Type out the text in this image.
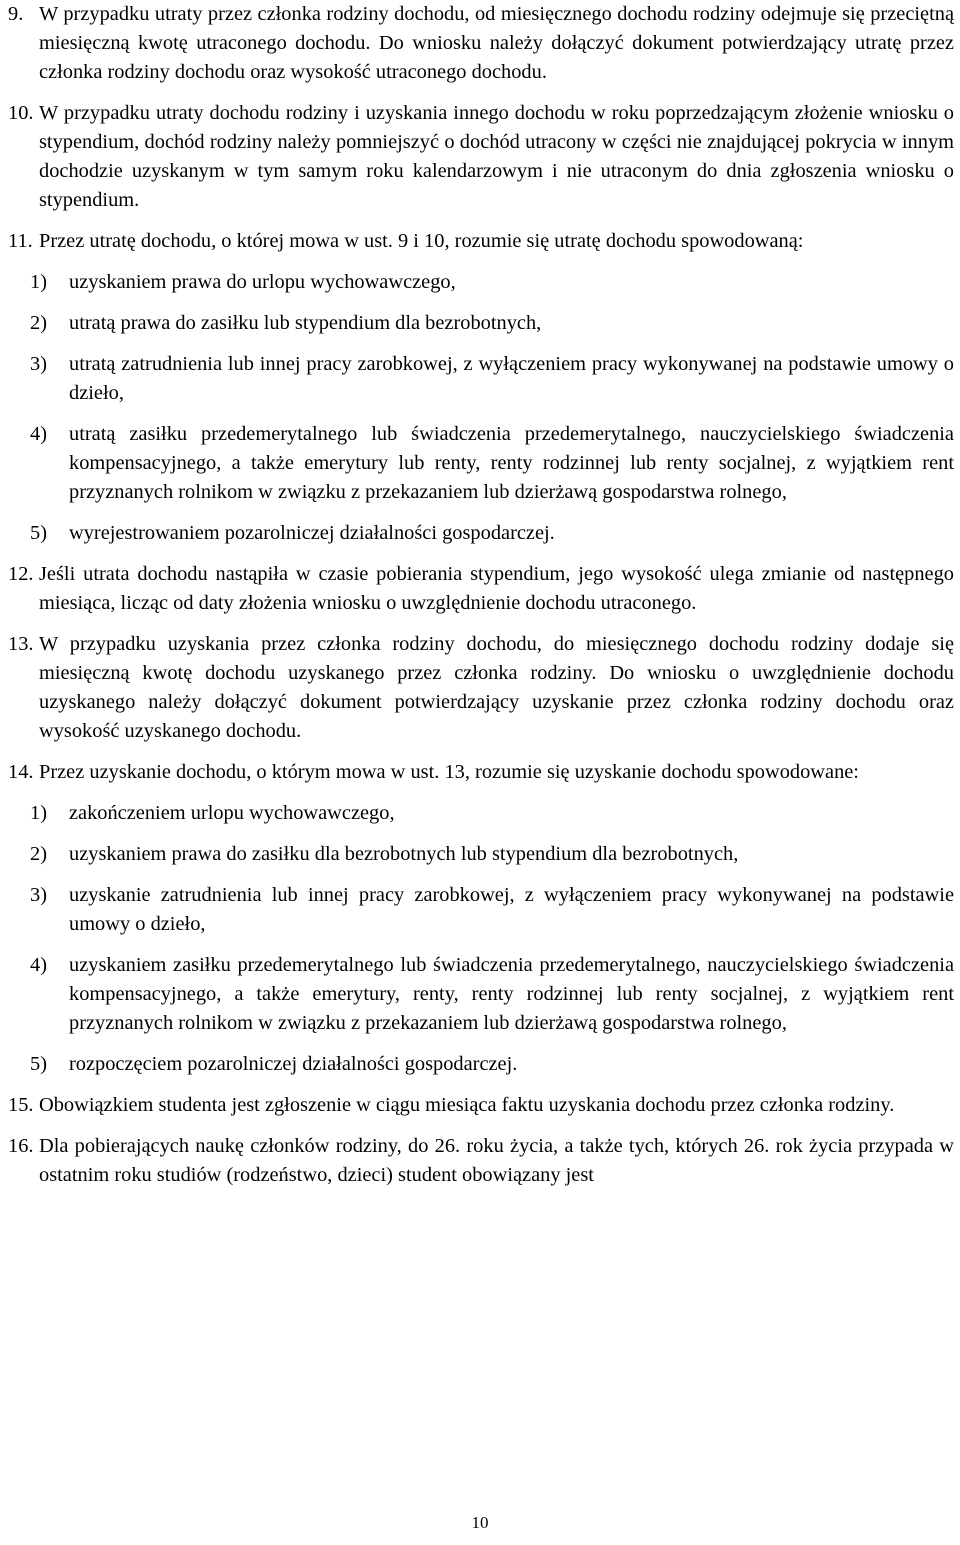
9. W przypadku utraty przez członka rodziny dochodu, od miesięcznego dochodu rodziny odejmuje się przeciętną miesięczną kwotę utraconego dochodu. Do wniosku należy dołączyć dokument potwierdzający utratę przez członka rodziny dochodu oraz wysokość utraconego dochodu.
10. W przypadku utraty dochodu rodziny i uzyskania innego dochodu w roku poprzedzającym złożenie wniosku o stypendium, dochód rodziny należy pomniejszyć o dochód utracony w części nie znajdującej pokrycia w innym dochodzie uzyskanym w tym samym roku kalendarzowym i nie utraconym do dnia zgłoszenia wniosku o stypendium.
11. Przez utratę dochodu, o której mowa w ust. 9 i 10, rozumie się utratę dochodu spowodowaną:
1)	uzyskaniem prawa do urlopu wychowawczego,
2)	utratą prawa do zasiłku lub stypendium dla bezrobotnych,
3)	utratą zatrudnienia lub innej pracy zarobkowej, z wyłączeniem pracy wykonywanej na podstawie umowy o dzieło,
4)	utratą zasiłku przedemerytalnego lub świadczenia przedemerytalnego, nauczycielskiego świadczenia kompensacyjnego, a także emerytury lub renty, renty rodzinnej lub renty socjalnej, z wyjątkiem rent przyznanych rolnikom w związku z przekazaniem lub dzierżawą gospodarstwa rolnego,
5)	wyrejestrowaniem pozarolniczej działalności gospodarczej.
12. Jeśli utrata dochodu nastąpiła w czasie pobierania stypendium, jego wysokość ulega zmianie od następnego miesiąca, licząc od daty złożenia wniosku o uwzględnienie dochodu utraconego.
13. W przypadku uzyskania przez członka rodziny dochodu, do miesięcznego dochodu rodziny dodaje się miesięczną kwotę dochodu uzyskanego przez członka rodziny. Do wniosku o uwzględnienie dochodu uzyskanego należy dołączyć dokument potwierdzający uzyskanie przez członka rodziny dochodu oraz wysokość uzyskanego dochodu.
14. Przez uzyskanie dochodu, o którym mowa w ust. 13, rozumie się uzyskanie dochodu spowodowane:
1)	zakończeniem urlopu wychowawczego,
2)	uzyskaniem prawa do zasiłku dla bezrobotnych lub stypendium dla bezrobotnych,
3)	uzyskanie zatrudnienia lub innej pracy zarobkowej, z wyłączeniem pracy wykonywanej na podstawie umowy o dzieło,
4)	uzyskaniem zasiłku przedemerytalnego lub świadczenia przedemerytalnego, nauczycielskiego świadczenia kompensacyjnego, a także emerytury, renty, renty rodzinnej lub renty socjalnej, z wyjątkiem rent przyznanych rolnikom w związku z przekazaniem lub dzierżawą gospodarstwa rolnego,
5)	rozpoczęciem pozarolniczej działalności gospodarczej.
15. Obowiązkiem studenta jest zgłoszenie w ciągu miesiąca faktu uzyskania dochodu przez członka rodziny.
16. Dla pobierających naukę członków rodziny, do 26. roku życia, a także tych, których 26. rok życia przypada w ostatnim roku studiów (rodzeństwo, dzieci) student obowiązany jest
10
